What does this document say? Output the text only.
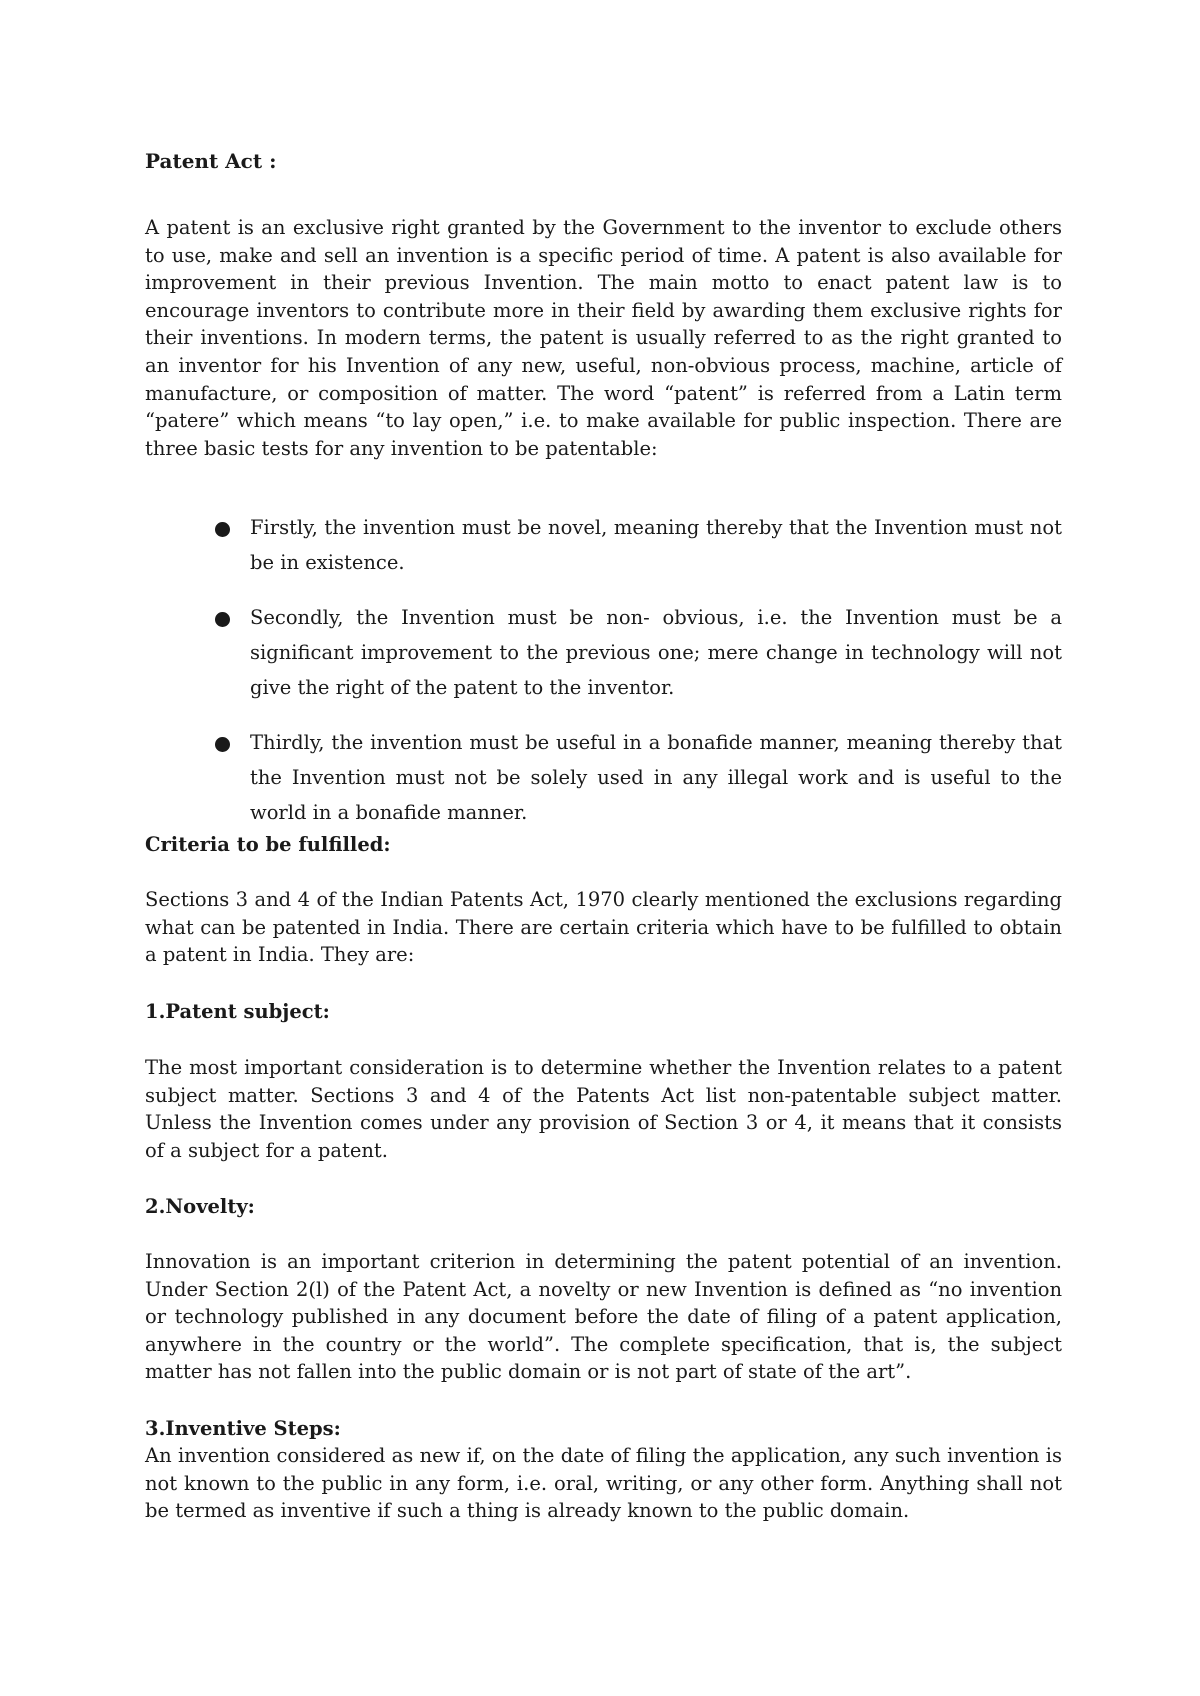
Patent Act :

A patent is an exclusive right granted by the Government to the inventor to exclude others to use, make and sell an invention is a specific period of time. A patent is also available for improvement in their previous Invention. The main motto to enact patent law is to encourage inventors to contribute more in their field by awarding them exclusive rights for their inventions. In modern terms, the patent is usually referred to as the right granted to an inventor for his Invention of any new, useful, non-obvious process, machine, article of manufacture, or composition of matter. The word “patent” is referred from a Latin term “patere” which means “to lay open,” i.e. to make available for public inspection. There are three basic tests for any invention to be patentable:

Firstly, the invention must be novel, meaning thereby that the Invention must not be in existence.
Secondly, the Invention must be non- obvious, i.e. the Invention must be a significant improvement to the previous one; mere change in technology will not give the right of the patent to the inventor.
Thirdly, the invention must be useful in a bonafide manner, meaning thereby that the Invention must not be solely used in any illegal work and is useful to the world in a bonafide manner.
Criteria to be fulfilled:

Sections 3 and 4 of the Indian Patents Act, 1970 clearly mentioned the exclusions regarding what can be patented in India. There are certain criteria which have to be fulfilled to obtain a patent in India. They are:

1.Patent subject:

The most important consideration is to determine whether the Invention relates to a patent subject matter. Sections 3 and 4 of the Patents Act list non-patentable subject matter. Unless the Invention comes under any provision of Section 3 or 4, it means that it consists of a subject for a patent.

2.Novelty:

Innovation is an important criterion in determining the patent potential of an invention. Under Section 2(l) of the Patent Act, a novelty or new Invention is defined as “no invention or technology published in any document before the date of filing of a patent application, anywhere in the country or the world”. The complete specification, that is, the subject matter has not fallen into the public domain or is not part of state of the art”.

3.Inventive Steps:

An invention considered as new if, on the date of filing the application, any such invention is not known to the public in any form, i.e. oral, writing, or any other form. Anything shall not be termed as inventive if such a thing is already known to the public domain.
